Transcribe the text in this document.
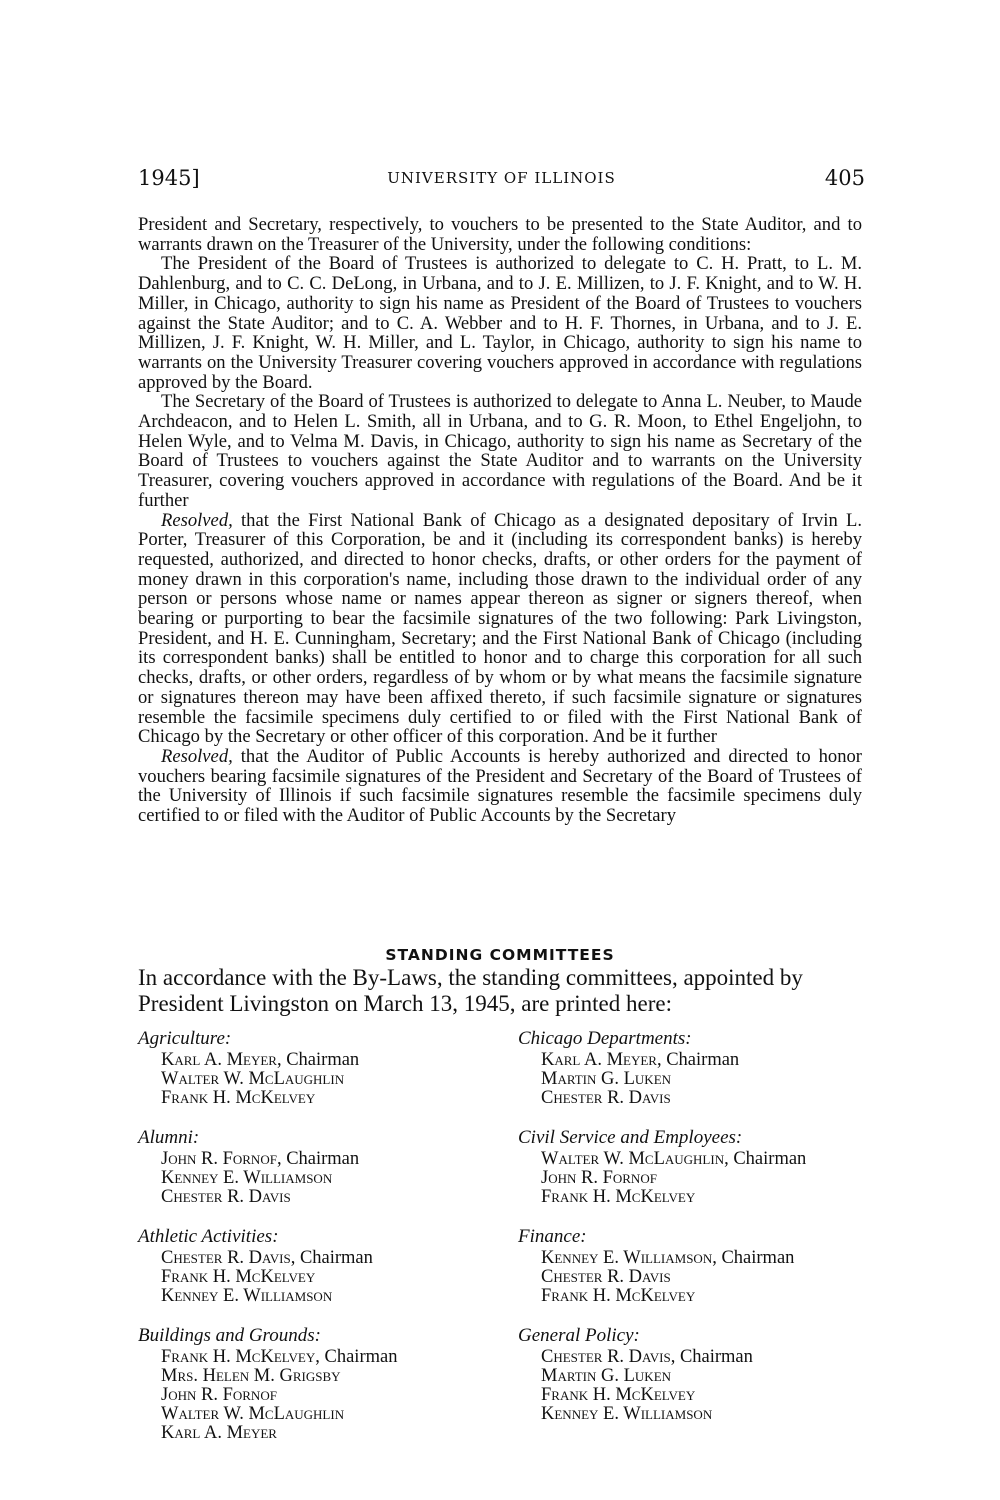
1945]	UNIVERSITY OF ILLINOIS	405

President and Secretary, respectively, to vouchers to be presented to the State Auditor, and to warrants drawn on the Treasurer of the University, under the following conditions:

The President of the Board of Trustees is authorized to delegate to C. H. Pratt, to L. M. Dahlenburg, and to C. C. DeLong, in Urbana, and to J. E. Millizen, to J. F. Knight, and to W. H. Miller, in Chicago, authority to sign his name as President of the Board of Trustees to vouchers against the State Auditor; and to C. A. Webber and to H. F. Thornes, in Urbana, and to J. E. Millizen, J. F. Knight, W. H. Miller, and L. Taylor, in Chicago, authority to sign his name to warrants on the University Treasurer covering vouchers approved in accordance with regulations approved by the Board.

The Secretary of the Board of Trustees is authorized to delegate to Anna L. Neuber, to Maude Archdeacon, and to Helen L. Smith, all in Urbana, and to G. R. Moon, to Ethel Engeljohn, to Helen Wyle, and to Velma M. Davis, in Chicago, authority to sign his name as Secretary of the Board of Trustees to vouchers against the State Auditor and to warrants on the University Treasurer, covering vouchers approved in accordance with regulations of the Board. And be it further

Resolved, that the First National Bank of Chicago as a designated depositary of Irvin L. Porter, Treasurer of this Corporation, be and it (including its correspondent banks) is hereby requested, authorized, and directed to honor checks, drafts, or other orders for the payment of money drawn in this corporation's name, including those drawn to the individual order of any person or persons whose name or names appear thereon as signer or signers thereof, when bearing or purporting to bear the facsimile signatures of the two following: Park Livingston, President, and H. E. Cunningham, Secretary; and the First National Bank of Chicago (including its correspondent banks) shall be entitled to honor and to charge this corporation for all such checks, drafts, or other orders, regardless of by whom or by what means the facsimile signature or signatures thereon may have been affixed thereto, if such facsimile signature or signatures resemble the facsimile specimens duly certified to or filed with the First National Bank of Chicago by the Secretary or other officer of this corporation. And be it further

Resolved, that the Auditor of Public Accounts is hereby authorized and directed to honor vouchers bearing facsimile signatures of the President and Secretary of the Board of Trustees of the University of Illinois if such facsimile signatures resemble the facsimile specimens duly certified to or filed with the Auditor of Public Accounts by the Secretary

STANDING COMMITTEES
In accordance with the By-Laws, the standing committees, appointed by President Livingston on March 13, 1945, are printed here:
Agriculture:
Karl A. Meyer, Chairman
Walter W. McLaughlin
Frank H. McKelvey
Alumni:
John R. Fornof, Chairman
Kenney E. Williamson
Chester R. Davis
Athletic Activities:
Chester R. Davis, Chairman
Frank H. McKelvey
Kenney E. Williamson
Buildings and Grounds:
Frank H. McKelvey, Chairman
Mrs. Helen M. Grigsby
John R. Fornof
Walter W. McLaughlin
Karl A. Meyer
Chicago Departments:
Karl A. Meyer, Chairman
Martin G. Luken
Chester R. Davis
Civil Service and Employees:
Walter W. McLaughlin, Chairman
John R. Fornof
Frank H. McKelvey
Finance:
Kenney E. Williamson, Chairman
Chester R. Davis
Frank H. McKelvey
General Policy:
Chester R. Davis, Chairman
Martin G. Luken
Frank H. McKelvey
Kenney E. Williamson
